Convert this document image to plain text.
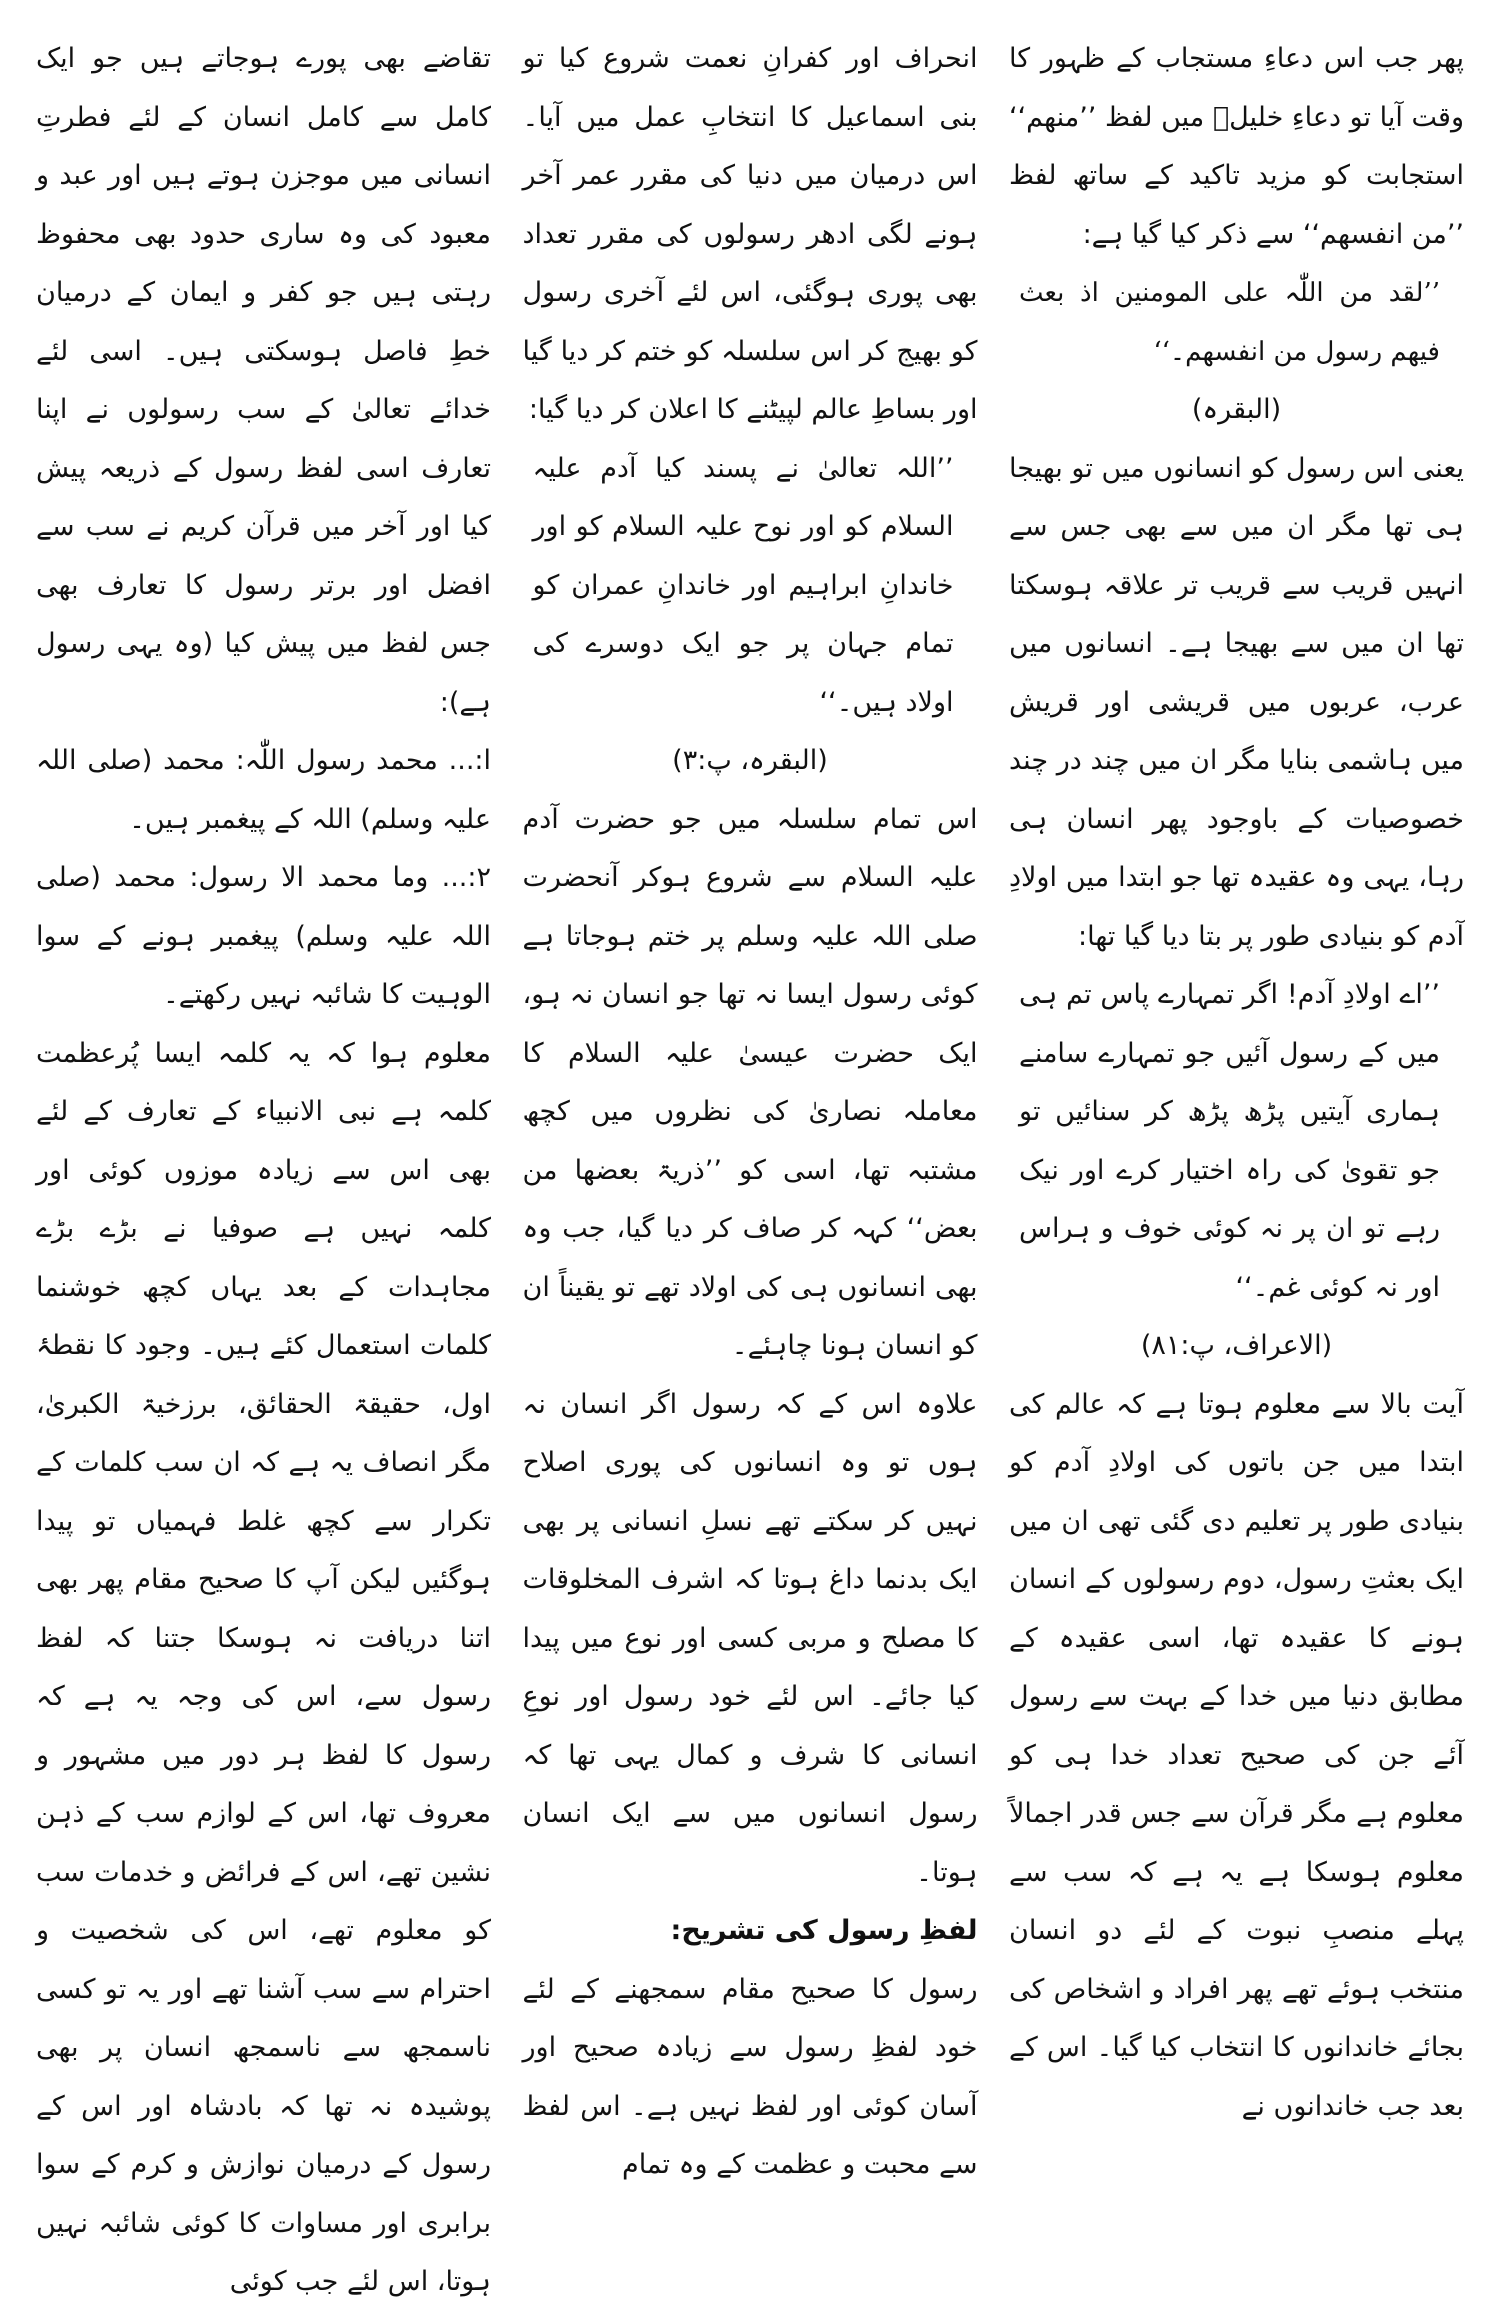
پھر جب اس دعاءِ مستجاب کے ظہور کا وقت آیا تو دعاءِ خلیلؑ میں لفظ ’’منھم‘‘ استجابت کو مزید تاکید کے ساتھ لفظ ’’من انفسھم‘‘ سے ذکر کیا گیا ہے:

’’لقد من اللّٰہ علی المومنین اذ بعث فیھم رسول من انفسھم۔‘‘

(البقرہ)

یعنی اس رسول کو انسانوں میں تو بھیجا ہی تھا مگر ان میں سے بھی جس سے انہیں قریب سے قریب تر علاقہ ہوسکتا تھا ان میں سے بھیجا ہے۔ انسانوں میں عرب، عربوں میں قریشی اور قریش میں ہاشمی بنایا مگر ان میں چند در چند خصوصیات کے باوجود پھر انسان ہی رہا، یہی وہ عقیدہ تھا جو ابتدا میں اولادِ آدم کو بنیادی طور پر بتا دیا گیا تھا:

’’اے اولادِ آدم! اگر تمہارے پاس تم ہی میں کے رسول آئیں جو تمہارے سامنے ہماری آیتیں پڑھ پڑھ کر سنائیں تو جو تقویٰ کی راہ اختیار کرے اور نیک رہے تو ان پر نہ کوئی خوف و ہراس اور نہ کوئی غم۔‘‘

(الاعراف، پ:۸۱)

آیت بالا سے معلوم ہوتا ہے کہ عالم کی ابتدا میں جن باتوں کی اولادِ آدم کو بنیادی طور پر تعلیم دی گئی تھی ان میں ایک بعثتِ رسول، دوم رسولوں کے انسان ہونے کا عقیدہ تھا، اسی عقیدہ کے مطابق دنیا میں خدا کے بہت سے رسول آئے جن کی صحیح تعداد خدا ہی کو معلوم ہے مگر قرآن سے جس قدر اجمالاً معلوم ہوسکا ہے یہ ہے کہ سب سے پہلے منصبِ نبوت کے لئے دو انسان منتخب ہوئے تھے پھر افراد و اشخاص کی بجائے خاندانوں کا انتخاب کیا گیا۔ اس کے بعد جب خاندانوں نے

انحراف اور کفرانِ نعمت شروع کیا تو بنی اسماعیل کا انتخابِ عمل میں آیا۔ اس درمیان میں دنیا کی مقرر عمر آخر ہونے لگی ادھر رسولوں کی مقرر تعداد بھی پوری ہوگئی، اس لئے آخری رسول کو بھیج کر اس سلسلہ کو ختم کر دیا گیا اور بساطِ عالم لپیٹنے کا اعلان کر دیا گیا:

’’اللہ تعالیٰ نے پسند کیا آدم علیہ السلام کو اور نوح علیہ السلام کو اور خاندانِ ابراہیم اور خاندانِ عمران کو تمام جہان پر جو ایک دوسرے کی اولاد ہیں۔‘‘

(البقرہ، پ:۳)

اس تمام سلسلہ میں جو حضرت آدم علیہ السلام سے شروع ہوکر آنحضرت صلی اللہ علیہ وسلم پر ختم ہوجاتا ہے کوئی رسول ایسا نہ تھا جو انسان نہ ہو، ایک حضرت عیسیٰ علیہ السلام کا معاملہ نصاریٰ کی نظروں میں کچھ مشتبہ تھا، اسی کو ’’ذریۃ بعضھا من بعض‘‘ کہہ کر صاف کر دیا گیا، جب وہ بھی انسانوں ہی کی اولاد تھے تو یقیناً ان کو انسان ہونا چاہئے۔

علاوہ اس کے کہ رسول اگر انسان نہ ہوں تو وہ انسانوں کی پوری اصلاح نہیں کر سکتے تھے نسلِ انسانی پر بھی ایک بدنما داغ ہوتا کہ اشرف المخلوقات کا مصلح و مربی کسی اور نوع میں پیدا کیا جائے۔ اس لئے خود رسول اور نوعِ انسانی کا شرف و کمال یہی تھا کہ رسول انسانوں میں سے ایک انسان ہوتا۔

لفظِ رسول کی تشریح:

رسول کا صحیح مقام سمجھنے کے لئے خود لفظِ رسول سے زیادہ صحیح اور آسان کوئی اور لفظ نہیں ہے۔ اس لفظ سے محبت و عظمت کے وہ تمام

تقاضے بھی پورے ہوجاتے ہیں جو ایک کامل سے کامل انسان کے لئے فطرتِ انسانی میں موجزن ہوتے ہیں اور عبد و معبود کی وہ ساری حدود بھی محفوظ رہتی ہیں جو کفر و ایمان کے درمیان خطِ فاصل ہوسکتی ہیں۔ اسی لئے خدائے تعالیٰ کے سب رسولوں نے اپنا تعارف اسی لفظ رسول کے ذریعہ پیش کیا اور آخر میں قرآن کریم نے سب سے افضل اور برتر رسول کا تعارف بھی جس لفظ میں پیش کیا (وہ یہی رسول ہے):

ا:... محمد رسول اللّٰہ: محمد (صلی اللہ علیہ وسلم) اللہ کے پیغمبر ہیں۔

۲:... وما محمد الا رسول: محمد (صلی اللہ علیہ وسلم) پیغمبر ہونے کے سوا الوہیت کا شائبہ نہیں رکھتے۔

معلوم ہوا کہ یہ کلمہ ایسا پُرعظمت کلمہ ہے نبی الانبیاء کے تعارف کے لئے بھی اس سے زیادہ موزوں کوئی اور کلمہ نہیں ہے صوفیا نے بڑے بڑے مجاہدات کے بعد یہاں کچھ خوشنما کلمات استعمال کئے ہیں۔ وجود کا نقطۂ اول، حقیقۃ الحقائق، برزخیۃ الکبریٰ، مگر انصاف یہ ہے کہ ان سب کلمات کے تکرار سے کچھ غلط فہمیاں تو پیدا ہوگئیں لیکن آپ کا صحیح مقام پھر بھی اتنا دریافت نہ ہوسکا جتنا کہ لفظ رسول سے، اس کی وجہ یہ ہے کہ رسول کا لفظ ہر دور میں مشہور و معروف تھا، اس کے لوازم سب کے ذہن نشین تھے، اس کے فرائض و خدمات سب کو معلوم تھے، اس کی شخصیت و احترام سے سب آشنا تھے اور یہ تو کسی ناسمجھ سے ناسمجھ انسان پر بھی پوشیدہ نہ تھا کہ بادشاہ اور اس کے رسول کے درمیان نوازش و کرم کے سوا برابری اور مساوات کا کوئی شائبہ نہیں ہوتا، اس لئے جب کوئی
